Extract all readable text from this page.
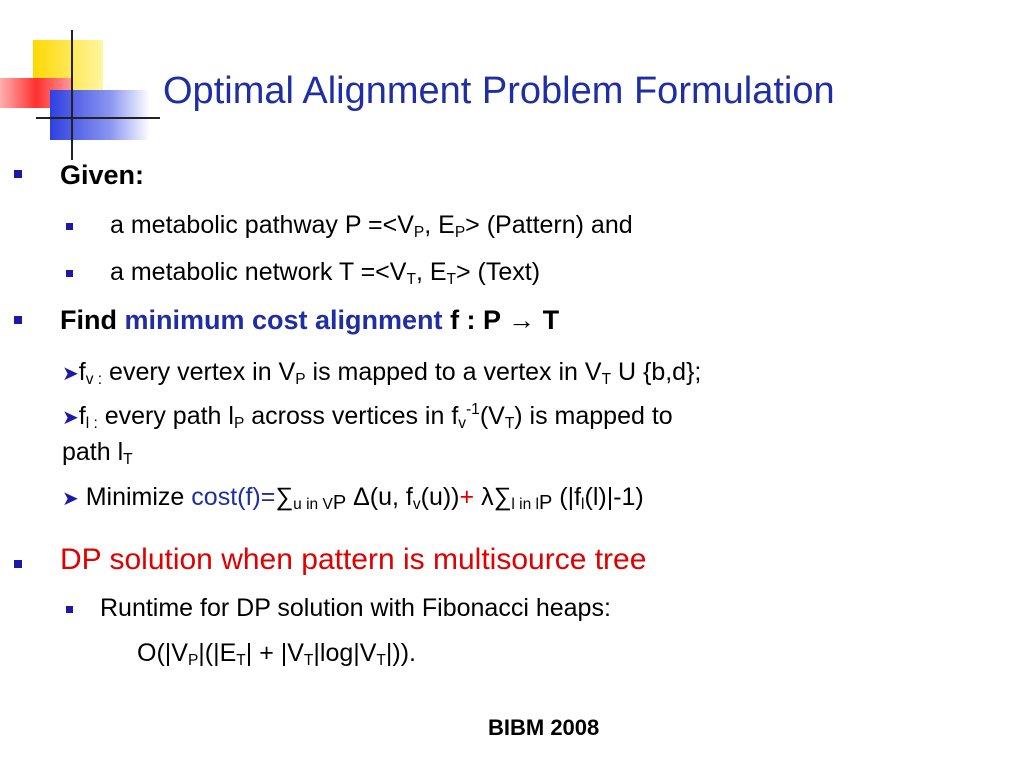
Optimal Alignment Problem Formulation
Given:
a metabolic pathway $P =<V_P$, $E_P>$ (Pattern) and
a metabolic network $T =<V_T$, $E_T>$ (Text)
Find minimum cost alignment f : P → T
$➤f_{v :}$ every vertex in $V_P$ is mapped to a vertex in $V_T$ U {b,d};
$➤f_{l :}$ every path $l_P$ across vertices in $f_v^{-1}(V_T)$ is mapped to
path $l_T$
➤ Minimize $\cos t(f)=\sum_{u in VP}$ Δ(u, $f_v(u))+ \lambda\sum_{l in lP}$ $(|f_l(l)|-1)$
DP solution when pattern is multisource tree
Runtime for DP solution with Fibonacci heaps:
$O(|V_P|(|E_T| + |V_T|\log|V_T|))$.
BIBM 2008
